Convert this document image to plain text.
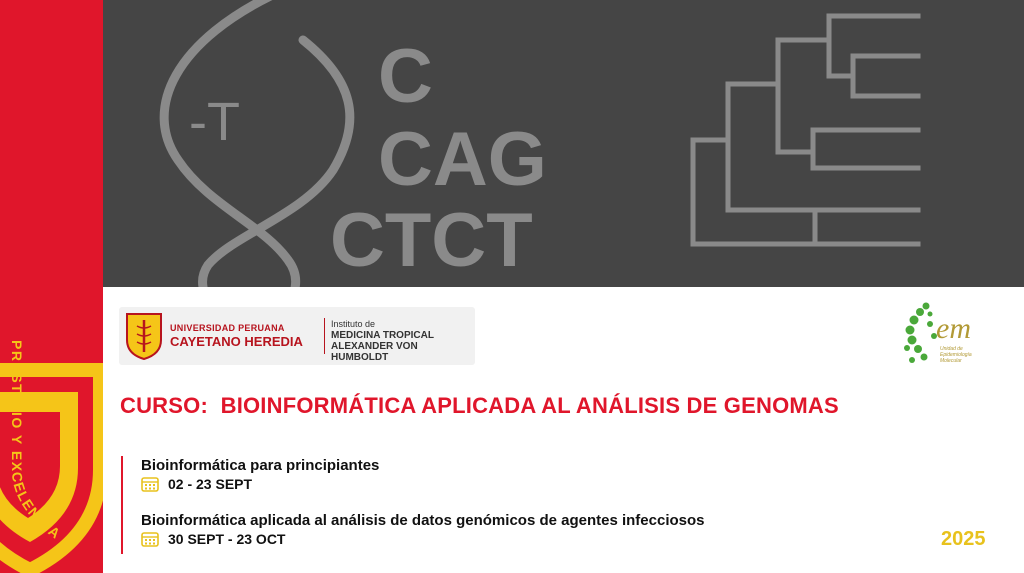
PRESTIGIO Y EXCELENCIA
-T
C
CAG
CTCT
UNIVERSIDAD PERUANA
CAYETANO HEREDIA
Instituto de
MEDICINA TROPICAL
ALEXANDER VON HUMBOLDT
em
Unidad de
Epidemiología
Molecular
CURSO:  BIOINFORMÁTICA APLICADA AL ANÁLISIS DE GENOMAS
Bioinformática para principiantes
02 - 23 SEPT
Bioinformática aplicada al análisis de datos genómicos de agentes infecciosos
30 SEPT - 23 OCT	2025
